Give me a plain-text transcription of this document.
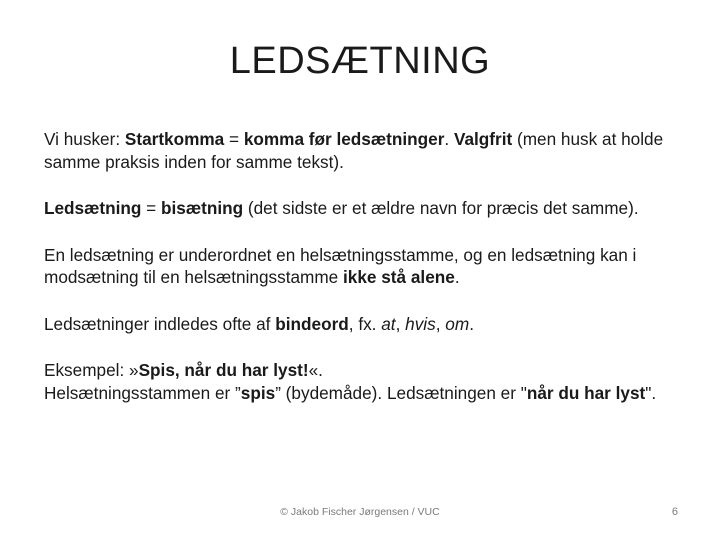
LEDSÆTNING

Vi husker: Startkomma = komma før ledsætninger. Valgfrit (men husk at holde samme praksis inden for samme tekst).

Ledsætning = bisætning (det sidste er et ældre navn for præcis det samme).

En ledsætning er underordnet en helsætningsstamme, og en ledsætning kan i modsætning til en helsætningsstamme ikke stå alene.

Ledsætninger indledes ofte af bindeord, fx. at, hvis, om.

Eksempel: »Spis, når du har lyst!«.
Helsætningsstammen er ”spis” (bydemåde). Ledsætningen er "når du har lyst".

© Jakob Fischer Jørgensen / VUC	6
